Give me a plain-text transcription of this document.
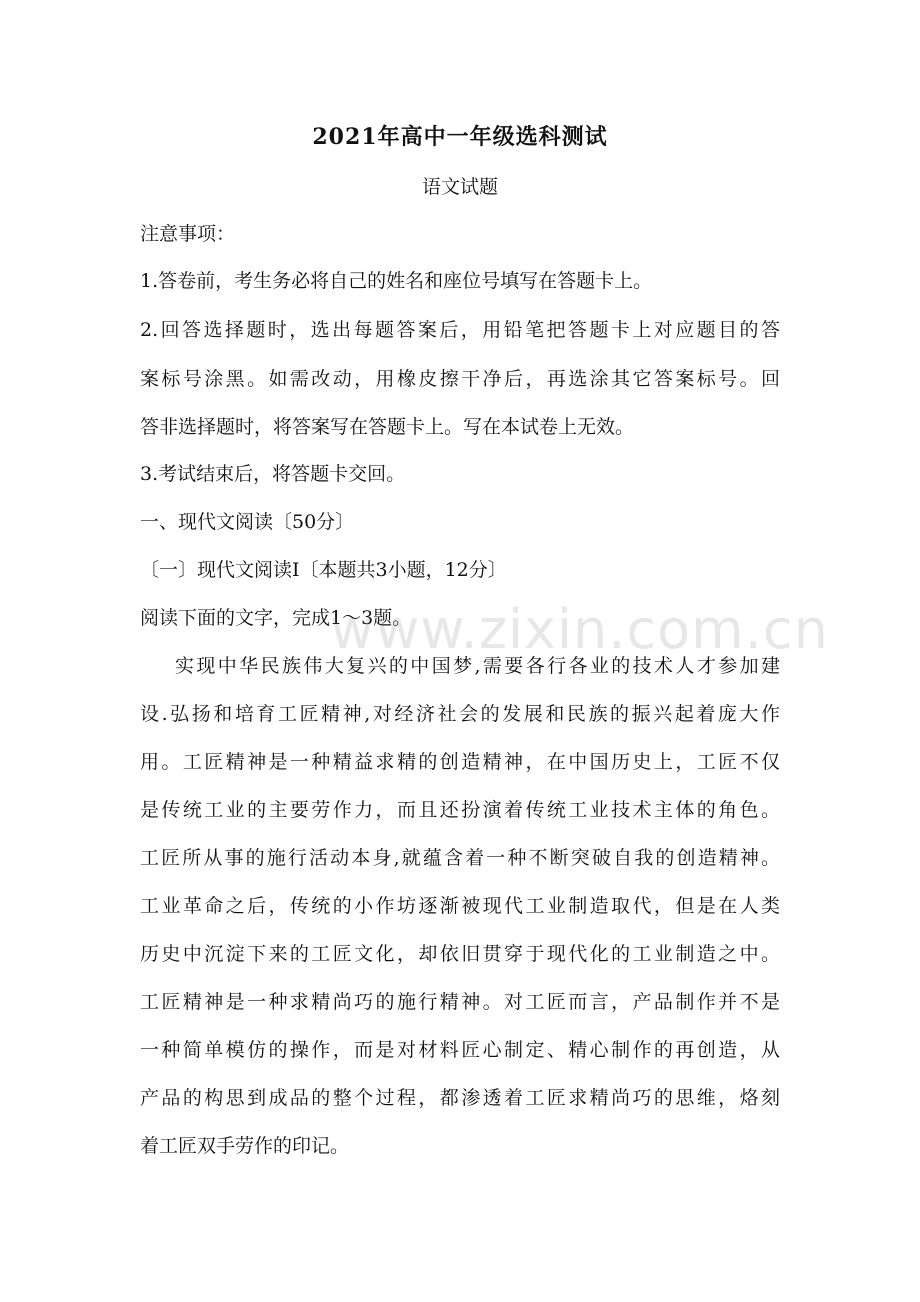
2021年高中一年级选科测试
语文试题
注意事项：
1.答卷前，考生务必将自己的姓名和座位号填写在答题卡上。
2.回答选择题时，选出每题答案后，用铅笔把答题卡上对应题目的答
案标号涂黑。如需改动，用橡皮擦干净后，再选涂其它答案标号。回
答非选择题时，将答案写在答题卡上。写在本试卷上无效。
3.考试结束后，将答题卡交回。
一、现代文阅读〔50分〕
〔一〕现代文阅读Ⅰ〔本题共3小题，12分〕
阅读下面的文字，完成1～3题。
www.zixin.com.cn
实现中华民族伟大复兴的中国梦,需要各行各业的技术人才参加建
设.弘扬和培育工匠精神,对经济社会的发展和民族的振兴起着庞大作
用。工匠精神是一种精益求精的创造精神，在中国历史上，工匠不仅
是传统工业的主要劳作力，而且还扮演着传统工业技术主体的角色。
工匠所从事的施行活动本身,就蕴含着一种不断突破自我的创造精神。
工业革命之后，传统的小作坊逐渐被现代工业制造取代，但是在人类
历史中沉淀下来的工匠文化，却依旧贯穿于现代化的工业制造之中。
工匠精神是一种求精尚巧的施行精神。对工匠而言，产品制作并不是
一种简单模仿的操作，而是对材料匠心制定、精心制作的再创造，从
产品的构思到成品的整个过程，都渗透着工匠求精尚巧的思维，烙刻
着工匠双手劳作的印记。
